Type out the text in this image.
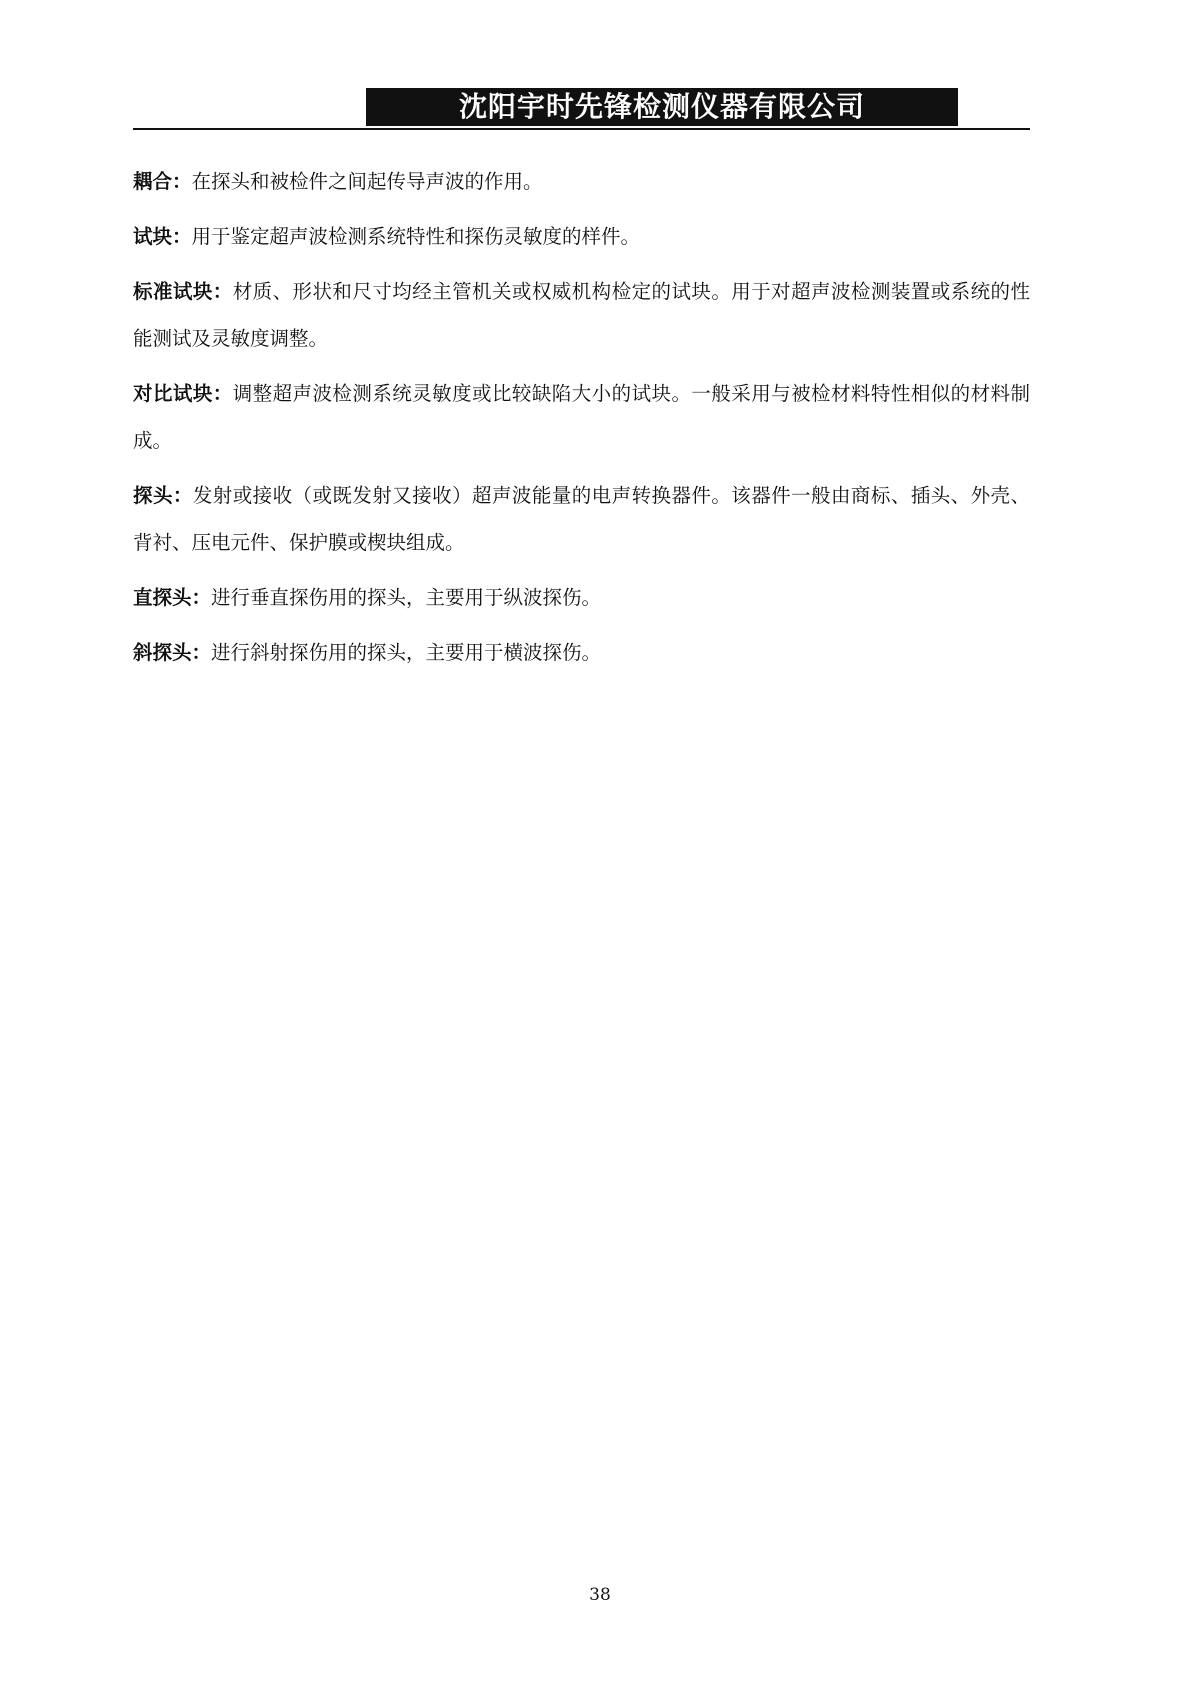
沈阳宇时先锋检测仪器有限公司

耦合：在探头和被检件之间起传导声波的作用。

试块：用于鉴定超声波检测系统特性和探伤灵敏度的样件。

标准试块：材质、形状和尺寸均经主管机关或权威机构检定的试块。用于对超声波检测装置或系统的性能测试及灵敏度调整。

对比试块：调整超声波检测系统灵敏度或比较缺陷大小的试块。一般采用与被检材料特性相似的材料制成。

探头：发射或接收（或既发射又接收）超声波能量的电声转换器件。该器件一般由商标、插头、外壳、背衬、压电元件、保护膜或楔块组成。

直探头：进行垂直探伤用的探头，主要用于纵波探伤。

斜探头：进行斜射探伤用的探头，主要用于横波探伤。

38
